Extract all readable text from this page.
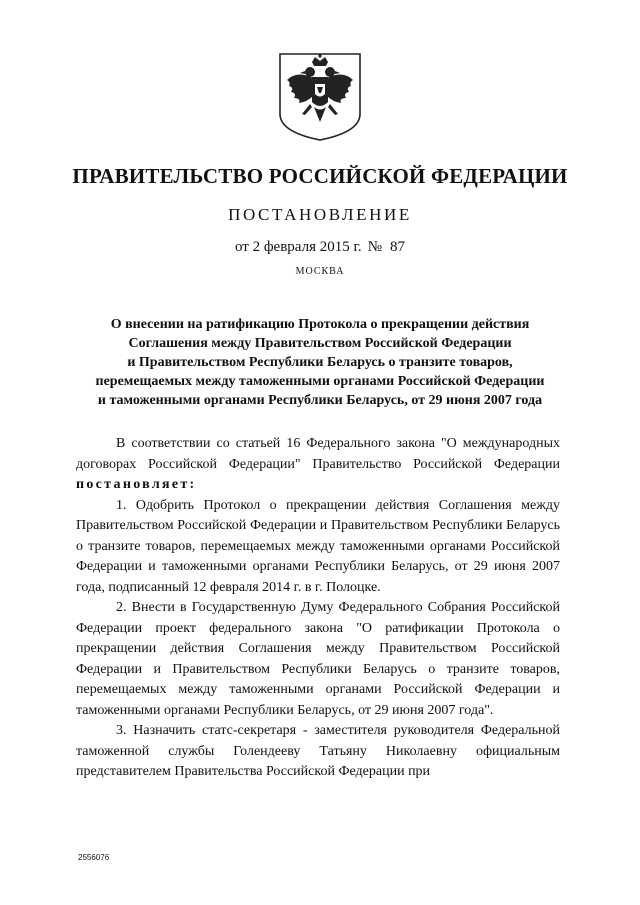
ПРАВИТЕЛЬСТВО РОССИЙСКОЙ ФЕДЕРАЦИИ
ПОСТАНОВЛЕНИЕ
от 2 февраля 2015 г. № 87
МОСКВА
О внесении на ратификацию Протокола о прекращении действия
Соглашения между Правительством Российской Федерации
и Правительством Республики Беларусь о транзите товаров,
перемещаемых между таможенными органами Российской Федерации
и таможенными органами Республики Беларусь, от 29 июня 2007 года

В соответствии со статьей 16 Федерального закона "О международных договорах Российской Федерации" Правительство Российской Федерации постановляет:

1. Одобрить Протокол о прекращении действия Соглашения между Правительством Российской Федерации и Правительством Республики Беларусь о транзите товаров, перемещаемых между таможенными органами Российской Федерации и таможенными органами Республики Беларусь, от 29 июня 2007 года, подписанный 12 февраля 2014 г. в г. Полоцке.

2. Внести в Государственную Думу Федерального Собрания Российской Федерации проект федерального закона "О ратификации Протокола о прекращении действия Соглашения между Правительством Российской Федерации и Правительством Республики Беларусь о транзите товаров, перемещаемых между таможенными органами Российской Федерации и таможенными органами Республики Беларусь, от 29 июня 2007 года".

3. Назначить статс-секретаря - заместителя руководителя Федеральной таможенной службы Голендееву Татьяну Николаевну официальным представителем Правительства Российской Федерации при

2556076
